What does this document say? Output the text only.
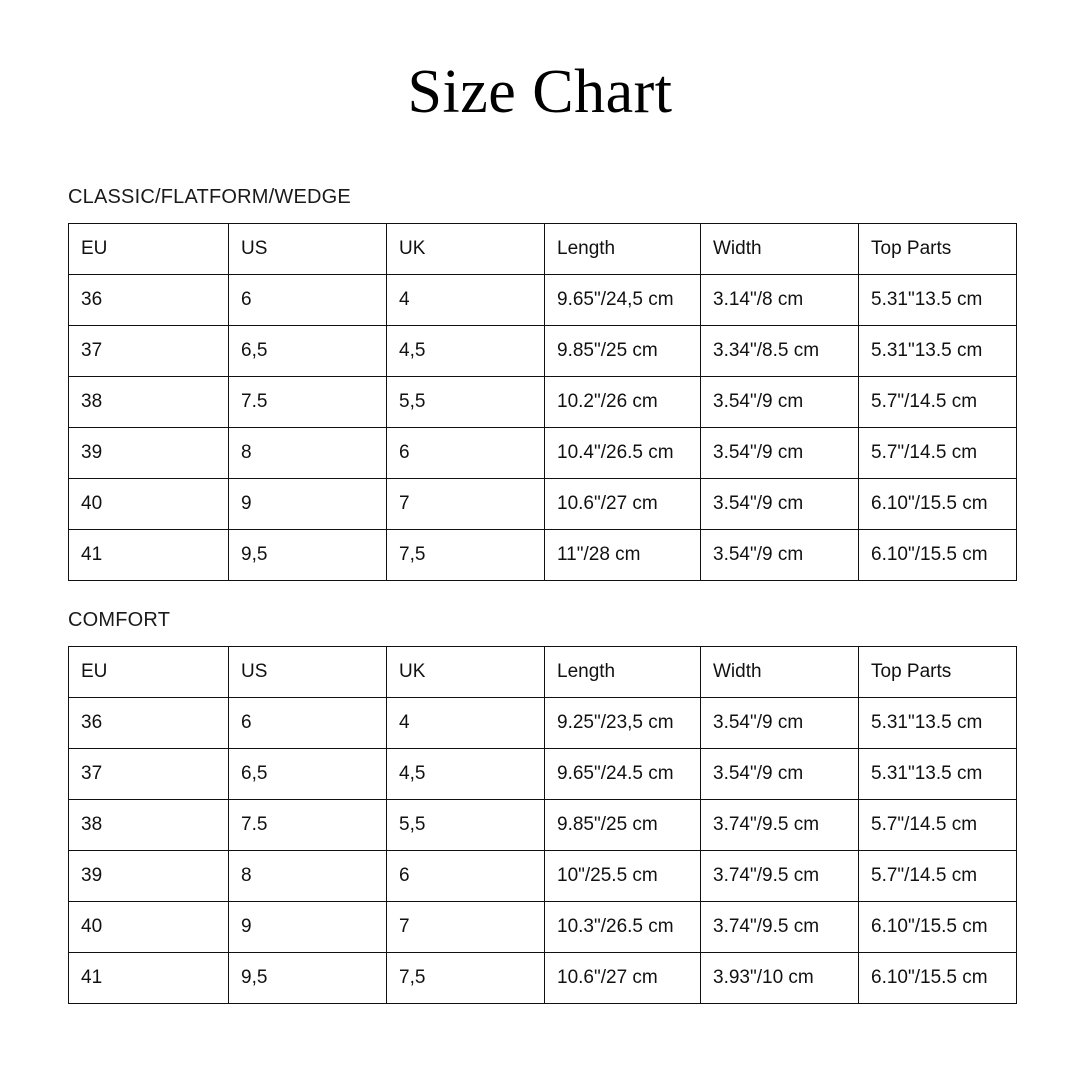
Size Chart
CLASSIC/FLATFORM/WEDGE
EU	US	UK	Length	Width	Top Parts
36	6	4	9.65"/24,5 cm	3.14"/8 cm	5.31"13.5 cm
37	6,5	4,5	9.85"/25 cm	3.34"/8.5 cm	5.31"13.5 cm
38	7.5	5,5	10.2"/26 cm	3.54"/9 cm	5.7"/14.5 cm
39	8	6	10.4"/26.5 cm	3.54"/9 cm	5.7"/14.5 cm
40	9	7	10.6"/27 cm	3.54"/9 cm	6.10"/15.5 cm
41	9,5	7,5	11"/28 cm	3.54"/9 cm	6.10"/15.5 cm
COMFORT
EU	US	UK	Length	Width	Top Parts
36	6	4	9.25"/23,5 cm	3.54"/9 cm	5.31"13.5 cm
37	6,5	4,5	9.65"/24.5 cm	3.54"/9 cm	5.31"13.5 cm
38	7.5	5,5	9.85"/25 cm	3.74"/9.5 cm	5.7"/14.5 cm
39	8	6	10"/25.5 cm	3.74"/9.5 cm	5.7"/14.5 cm
40	9	7	10.3"/26.5 cm	3.74"/9.5 cm	6.10"/15.5 cm
41	9,5	7,5	10.6"/27 cm	3.93"/10 cm	6.10"/15.5 cm
